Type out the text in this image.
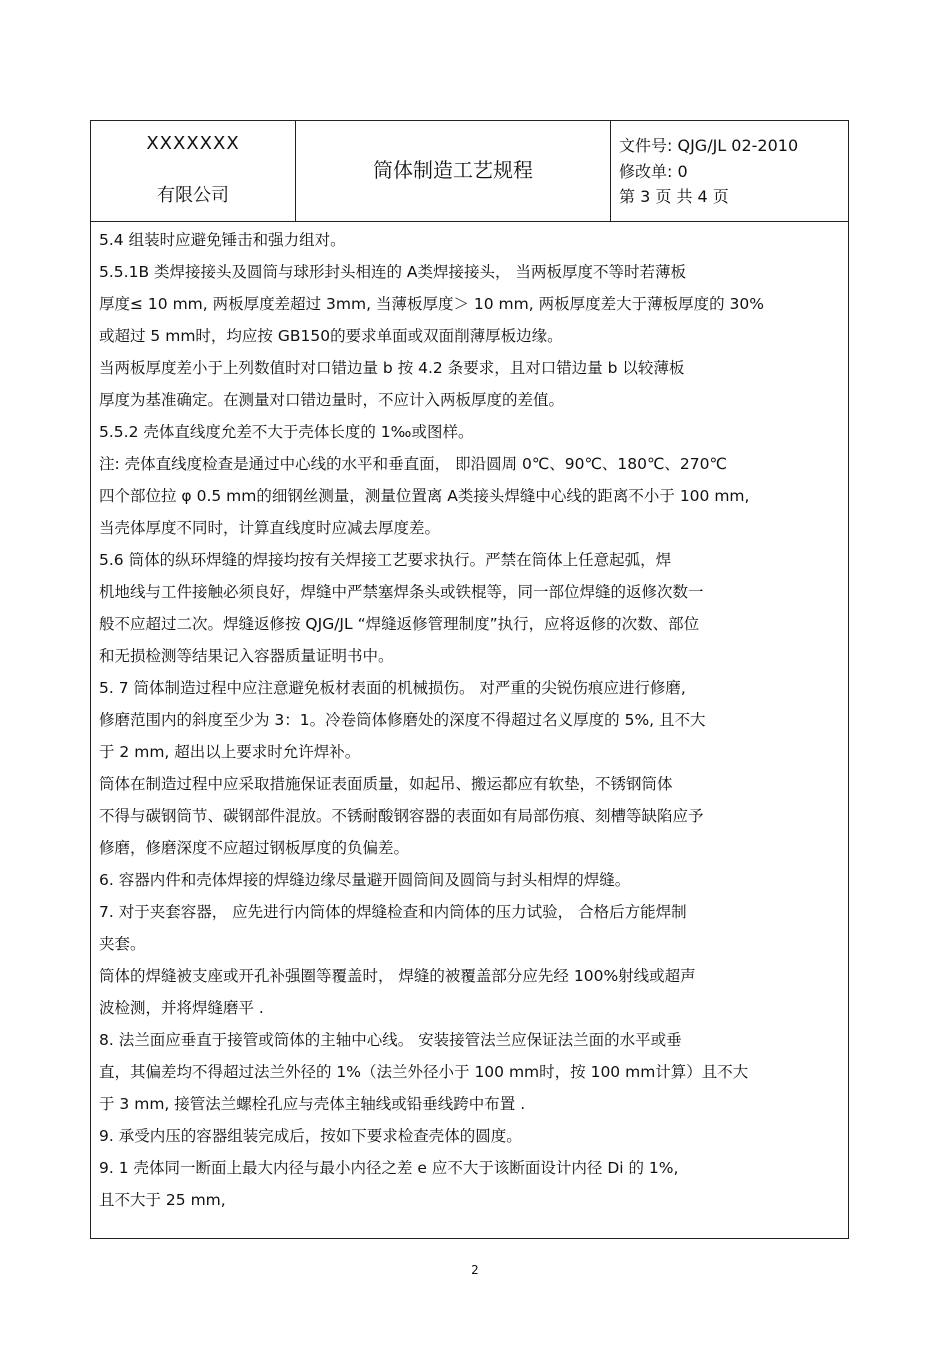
XXXXXXX
有限公司
筒体制造工艺规程
文件号: QJG/JL 02-2010
修改单: 0
第 3 页 共 4 页
5.4 组装时应避免锤击和强力组对。
5.5.1B 类焊接接头及圆筒与球形封头相连的 A类焊接接头， 当两板厚度不等时若薄板
厚度≤ 10 mm, 两板厚度差超过 3mm, 当薄板厚度＞ 10 mm, 两板厚度差大于薄板厚度的 30%
或超过 5 mm时，均应按 GB150的要求单面或双面削薄厚板边缘。
当两板厚度差小于上列数值时对口错边量 b 按 4.2 条要求，且对口错边量 b 以较薄板
厚度为基准确定。在测量对口错边量时，不应计入两板厚度的差值。
5.5.2 壳体直线度允差不大于壳体长度的 1‰或图样。
注: 壳体直线度检查是通过中心线的水平和垂直面， 即沿圆周 0℃、90℃、180℃、270℃
四个部位拉 φ 0.5 mm的细钢丝测量，测量位置离 A类接头焊缝中心线的距离不小于 100 mm,
当壳体厚度不同时，计算直线度时应减去厚度差。
5.6 筒体的纵环焊缝的焊接均按有关焊接工艺要求执行。严禁在筒体上任意起弧，焊
机地线与工件接触必须良好，焊缝中严禁塞焊条头或铁棍等，同一部位焊缝的返修次数一
般不应超过二次。焊缝返修按 QJG/JL “焊缝返修管理制度”执行，应将返修的次数、部位
和无损检测等结果记入容器质量证明书中。
5. 7 筒体制造过程中应注意避免板材表面的机械损伤。 对严重的尖锐伤痕应进行修磨,
修磨范围内的斜度至少为 3：1。冷卷筒体修磨处的深度不得超过名义厚度的 5%, 且不大
于 2 mm, 超出以上要求时允许焊补。
筒体在制造过程中应采取措施保证表面质量，如起吊、搬运都应有软垫，不锈钢筒体
不得与碳钢筒节、碳钢部件混放。不锈耐酸钢容器的表面如有局部伤痕、刻槽等缺陷应予
修磨，修磨深度不应超过钢板厚度的负偏差。
6. 容器内件和壳体焊接的焊缝边缘尽量避开圆筒间及圆筒与封头相焊的焊缝。
7. 对于夹套容器， 应先进行内筒体的焊缝检查和内筒体的压力试验， 合格后方能焊制
夹套。
筒体的焊缝被支座或开孔补强圈等覆盖时， 焊缝的被覆盖部分应先经 100%射线或超声
波检测，并将焊缝磨平 .
8. 法兰面应垂直于接管或筒体的主轴中心线。 安装接管法兰应保证法兰面的水平或垂
直，其偏差均不得超过法兰外径的 1%（法兰外径小于 100 mm时，按 100 mm计算）且不大
于 3 mm, 接管法兰螺栓孔应与壳体主轴线或铅垂线跨中布置 .
9. 承受内压的容器组装完成后，按如下要求检查壳体的圆度。
9. 1 壳体同一断面上最大内径与最小内径之差 e 应不大于该断面设计内径 Di 的 1%,
且不大于 25 mm,
2
